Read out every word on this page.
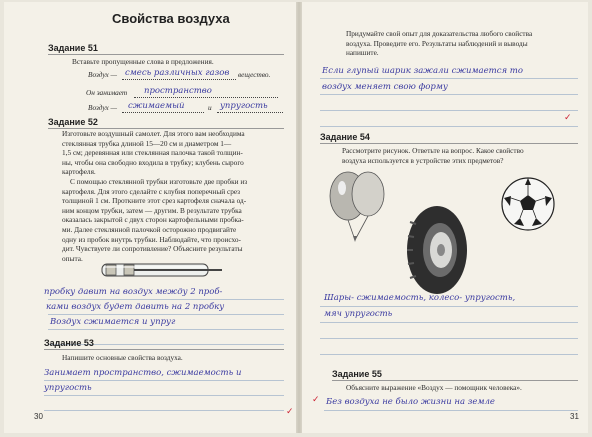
Свойства воздуха
Задание 51
Вставьте пропущенные слова в предложения.
Воздух — смесь различных газов вещество.
Он занимает пространство
Воздух — сжимаемый	и упругость
Задание 52
Изготовьте воздушный самолет. Для этого вам необходима
стеклянная трубка длиной 15—20 см и диаметром 1—
1,5 см; деревянная или стеклянная палочка такой толщин-
ны, чтобы она свободно входила в трубку; клубень сырого
картофеля.
С помощью стеклянной трубки изготовьте две пробки из
картофеля. Для этого сделайте с клубня поперечный срез
толщиной 1 см. Проткните этот срез картофеля сначала од-
ним концом трубки, затем — другим. В результате трубка
оказалась закрытой с двух сторон картофельными пробка-
ми. Далее стеклянной палочкой осторожно продвигайте
одну из пробок внутрь трубки. Наблюдайте, что происхо-
дит. Чувствуете ли сопротивление? Объясните результаты
опыта.
пробку давит на воздух между 2 проб-
ками воздух будет давить на 2 пробку
Воздух сжимается и упруг
Задание 53
Напишите основные свойства воздуха.
Занимает пространство, сжимаемость и
упругость
30
✓
Придумайте свой опыт для доказательства любого свойства
воздуха. Проведите его. Результаты наблюдений и выводы
напишите.
Если глупый шарик зажали сжимается то
воздух меняет свою форму
✓
Задание 54
Рассмотрите рисунок. Ответьте на вопрос. Какое свойство
воздуха используется в устройстве этих предметов?
Шары- сжимаемость, колесо- упругость,
мяч упругость
Задание 55
Объясните выражение «Воздух — помощник человека».
Без воздуха не было жизни на земле
✓
31
